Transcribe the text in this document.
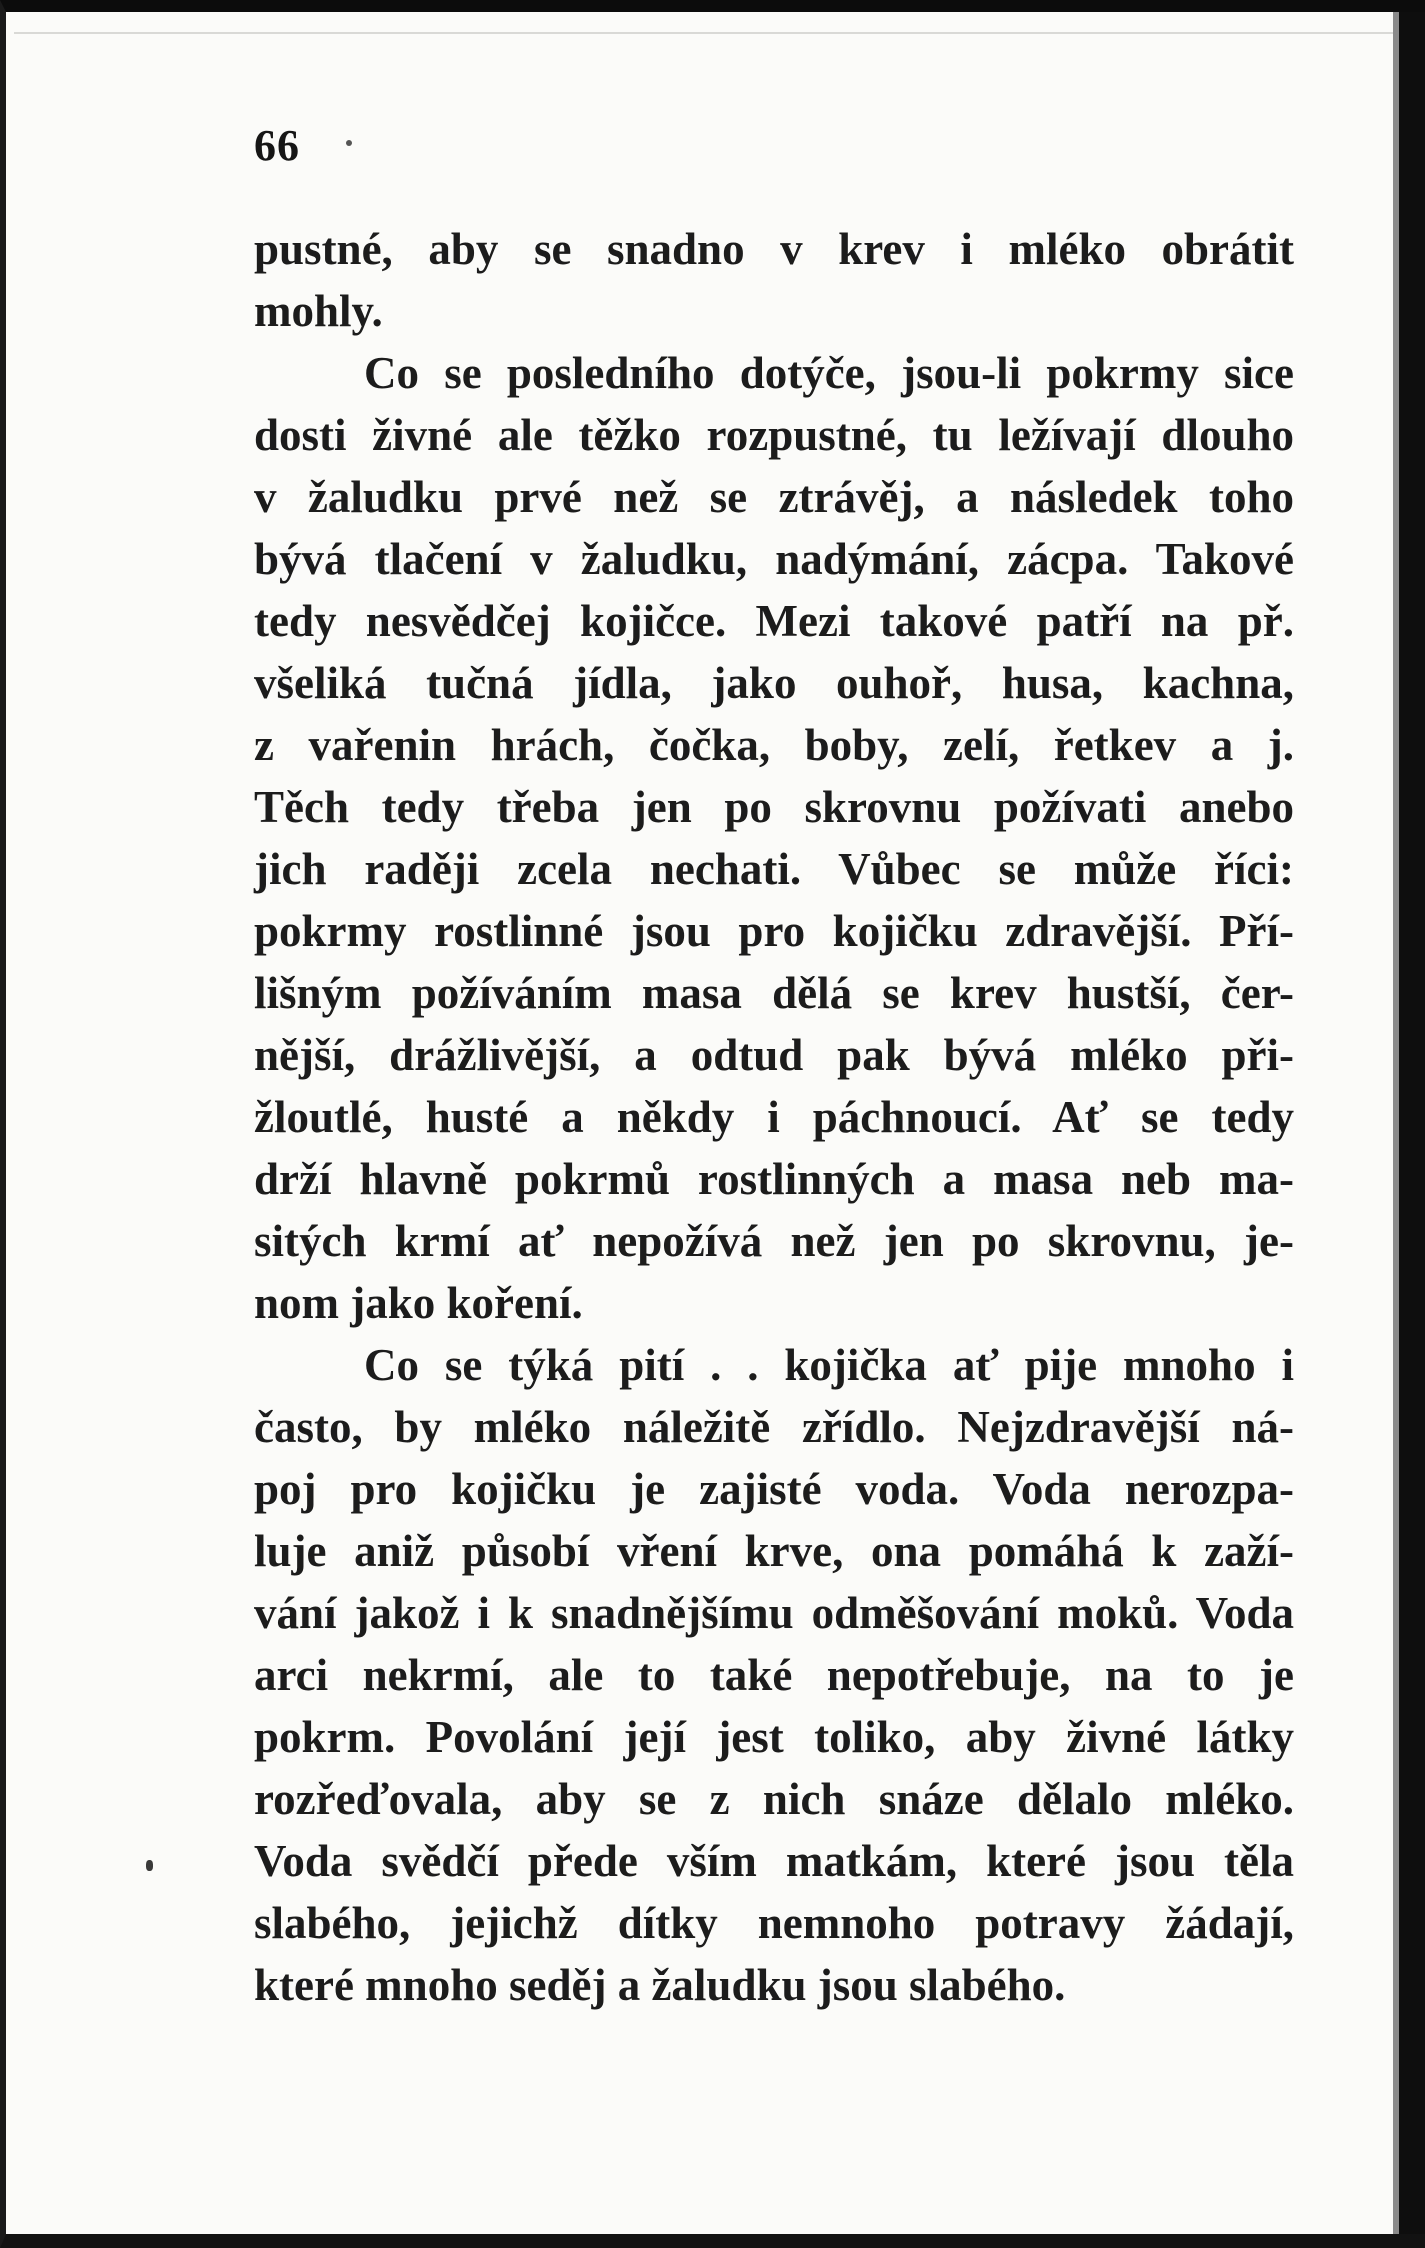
66
pustné, aby se snadno v krev i mléko obrátit
mohly.
Co se posledního dotýče, jsou-li pokrmy sice
dosti živné ale těžko rozpustné, tu ležívají dlouho
v žaludku prvé než se ztrávěj, a následek toho
bývá tlačení v žaludku, nadýmání, zácpa. Takové
tedy nesvědčej kojičce. Mezi takové patří na př.
všeliká tučná jídla, jako ouhoř, husa, kachna,
z vařenin hrách, čočka, boby, zelí, řetkev a j.
Těch tedy třeba jen po skrovnu požívati anebo
jich raději zcela nechati. Vůbec se může říci:
pokrmy rostlinné jsou pro kojičku zdravější. Pří-
lišným požíváním masa dělá se krev hustší, čer-
nější, drážlivější, a odtud pak bývá mléko při-
žloutlé, husté a někdy i páchnoucí. Ať se tedy
drží hlavně pokrmů rostlinných a masa neb ma-
sitých krmí ať nepožívá než jen po skrovnu, je-
nom jako koření.
Co se týká pití . . kojička ať pije mnoho i
často, by mléko náležitě zřídlo. Nejzdravější ná-
poj pro kojičku je zajisté voda. Voda nerozpa-
luje aniž působí vření krve, ona pomáhá k zaží-
vání jakož i k snadnějšímu odměšování moků. Voda
arci nekrmí, ale to také nepotřebuje, na to je
pokrm. Povolání její jest toliko, aby živné látky
rozřeďovala, aby se z nich snáze dělalo mléko.
Voda svědčí přede vším matkám, které jsou těla
slabého, jejichž dítky nemnoho potravy žádají,
které mnoho seděj a žaludku jsou slabého.
